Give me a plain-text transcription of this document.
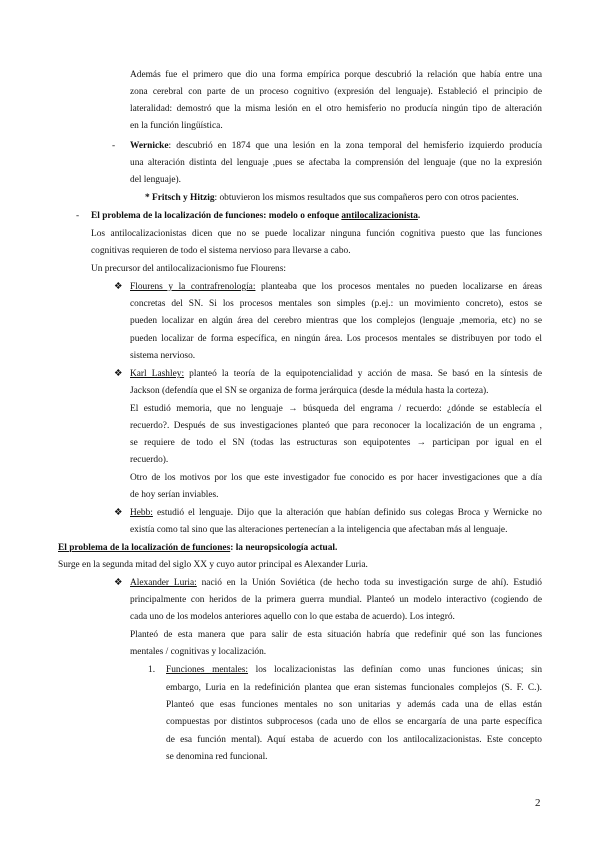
Además fue el primero que dio una forma empírica porque descubrió la relación que había entre una
zona cerebral con parte de un proceso cognitivo (expresión del lenguaje). Estableció el principio de
lateralidad: demostró que la misma lesión en el otro hemisferio no producía ningún tipo de alteración
en la función lingüística.
- Wernicke: descubrió en 1874 que una lesión en la zona temporal del hemisferio izquierdo producía
una alteración distinta del lenguaje ,pues se afectaba la comprensión del lenguaje (que no la expresión
del lenguaje).
* Fritsch y Hitzig: obtuvieron los mismos resultados que sus compañeros pero con otros pacientes.
- El problema de la localización de funciones: modelo o enfoque antilocalizacionista.
Los antilocalizacionistas dicen que no se puede localizar ninguna función cognitiva puesto que las funciones
cognitivas requieren de todo el sistema nervioso para llevarse a cabo.
Un precursor del antilocalizacionismo fue Flourens:
❖ Flourens y la contrafrenología: planteaba que los procesos mentales no pueden localizarse en áreas
concretas del SN. Si los procesos mentales son simples (p.ej.: un movimiento concreto), estos se
pueden localizar en algún área del cerebro mientras que los complejos (lenguaje ,memoria, etc) no se
pueden localizar de forma específica, en ningún área. Los procesos mentales se distribuyen por todo el
sistema nervioso.
❖ Karl Lashley: planteó la teoría de la equipotencialidad y acción de masa. Se basó en la síntesis de
Jackson (defendía que el SN se organiza de forma jerárquica (desde la médula hasta la corteza).
El estudió memoria, que no lenguaje → búsqueda del engrama / recuerdo: ¿dónde se establecía el
recuerdo?. Después de sus investigaciones planteó que para reconocer la localización de un engrama ,
se requiere de todo el SN (todas las estructuras son equipotentes → participan por igual en el
recuerdo).
Otro de los motivos por los que este investigador fue conocido es por hacer investigaciones que a día
de hoy serían inviables.
❖ Hebb: estudió el lenguaje. Dijo que la alteración que habían definido sus colegas Broca y Wernicke no
existía como tal sino que las alteraciones pertenecían a la inteligencia que afectaban más al lenguaje.
El problema de la localización de funciones: la neuropsicología actual.
Surge en la segunda mitad del siglo XX y cuyo autor principal es Alexander Luria.
❖ Alexander Luria: nació en la Unión Soviética (de hecho toda su investigación surge de ahí). Estudió
principalmente con heridos de la primera guerra mundial. Planteó un modelo interactivo (cogiendo de
cada uno de los modelos anteriores aquello con lo que estaba de acuerdo). Los integró.
Planteó de esta manera que para salir de esta situación habría que redefinir qué son las funciones
mentales / cognitivas y localización.
1. Funciones mentales: los localizacionistas las definían como unas funciones únicas; sin
embargo, Luria en la redefinición plantea que eran sistemas funcionales complejos (S. F. C.).
Planteó que esas funciones mentales no son unitarias y además cada una de ellas están
compuestas por distintos subprocesos (cada uno de ellos se encargaría de una parte específica
de esa función mental). Aquí estaba de acuerdo con los antilocalizacionistas. Este concepto
se denomina red funcional.
2
